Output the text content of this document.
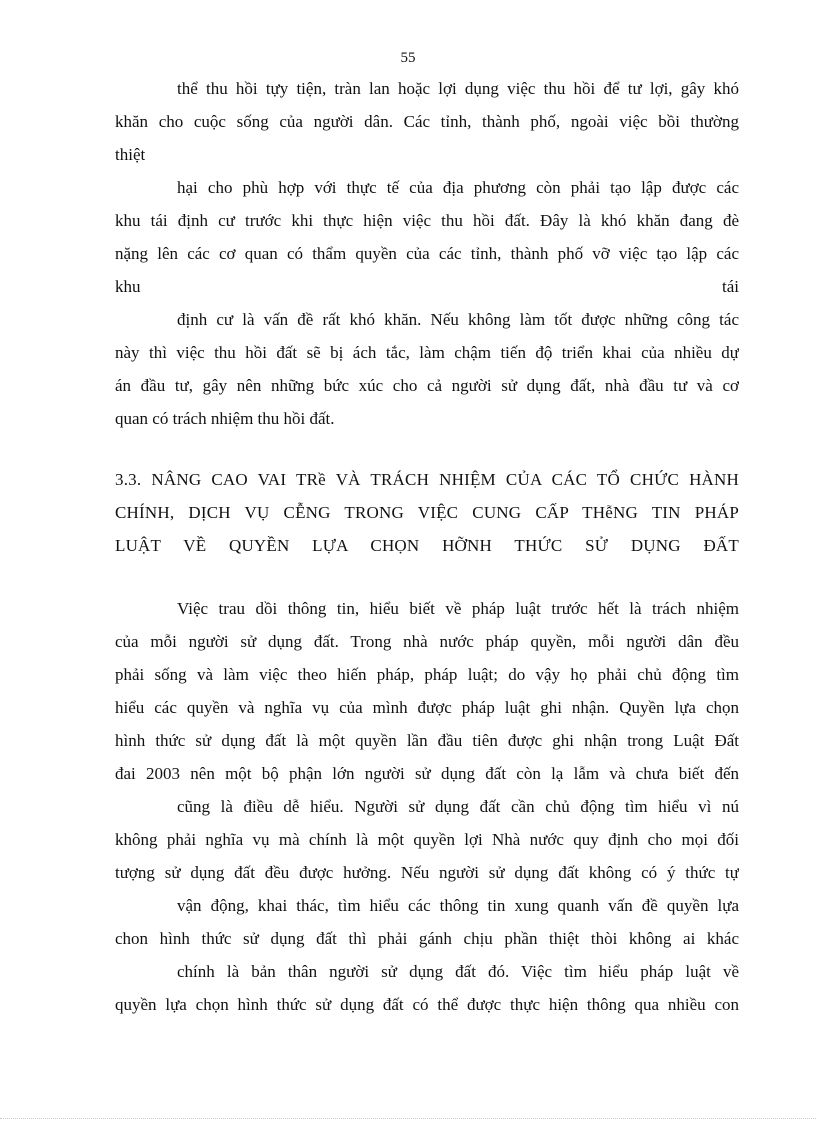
55
thể thu hồi tựy tiện, tràn lan hoặc lợi dụng việc thu hồi để tư lợi, gây khó
khăn cho cuộc sống của người dân. Các tỉnh, thành phố, ngoài việc bồi thường
thiệt
hại cho phù hợp với thực tế của địa phương còn phải tạo lập được các
khu tái định cư trước khi thực hiện việc thu hồi đất. Đây là khó khăn đang đè
nặng lên các cơ quan có thẩm quyền của các tỉnh, thành phố vỡ việc tạo lập các
khu	tái
định cư là vấn đề rất khó khăn. Nếu không làm tốt được những công tác
này thì việc thu hồi đất sẽ bị ách tắc, làm chậm tiến độ triển khai của nhiều dự
án đầu tư, gây nên những bức xúc cho cả người sử dụng đất, nhà đầu tư và cơ
quan có trách nhiệm thu hồi đất.
3.3. NÂNG CAO VAI TRề VÀ TRÁCH NHIỆM CỦA CÁC TỔ CHỨC HÀNH
CHÍNH, DỊCH VỤ CỄNG TRONG VIỆC CUNG CẤP THễNG TIN PHÁP
LUẬT VỀ QUYỀN LỰA CHỌN HỠNH THỨC SỬ DỤNG ĐẤT
Việc trau dồi thông tin, hiểu biết về pháp luật trước hết là trách nhiệm
của mỗi người sử dụng đất. Trong nhà nước pháp quyền, mỗi người dân đều
phải sống và làm việc theo hiến pháp, pháp luật; do vậy họ phải chủ động tìm
hiểu các quyền và nghĩa vụ của mình được pháp luật ghi nhận. Quyền lựa chọn
hình thức sử dụng đất là một quyền lần đầu tiên được ghi nhận trong Luật Đất
đai 2003 nên một bộ phận lớn người sử dụng đất còn lạ lẫm và chưa biết đến
cũng là điều dễ hiểu. Người sử dụng đất cần chủ động tìm hiểu vì nú
không phải nghĩa vụ mà chính là một quyền lợi Nhà nước quy định cho mọi đối
tượng sử dụng đất đều được hưởng. Nếu người sử dụng đất không có ý thức tự
vận động, khai thác, tìm hiểu các thông tin xung quanh vấn đề quyền lựa
chon hình thức sử dụng đất thì phải gánh chịu phần thiệt thòi không ai khác
chính là bản thân người sử dụng đất đó. Việc tìm hiểu pháp luật về
quyền lựa chọn hình thức sử dụng đất có thể được thực hiện thông qua nhiều con
